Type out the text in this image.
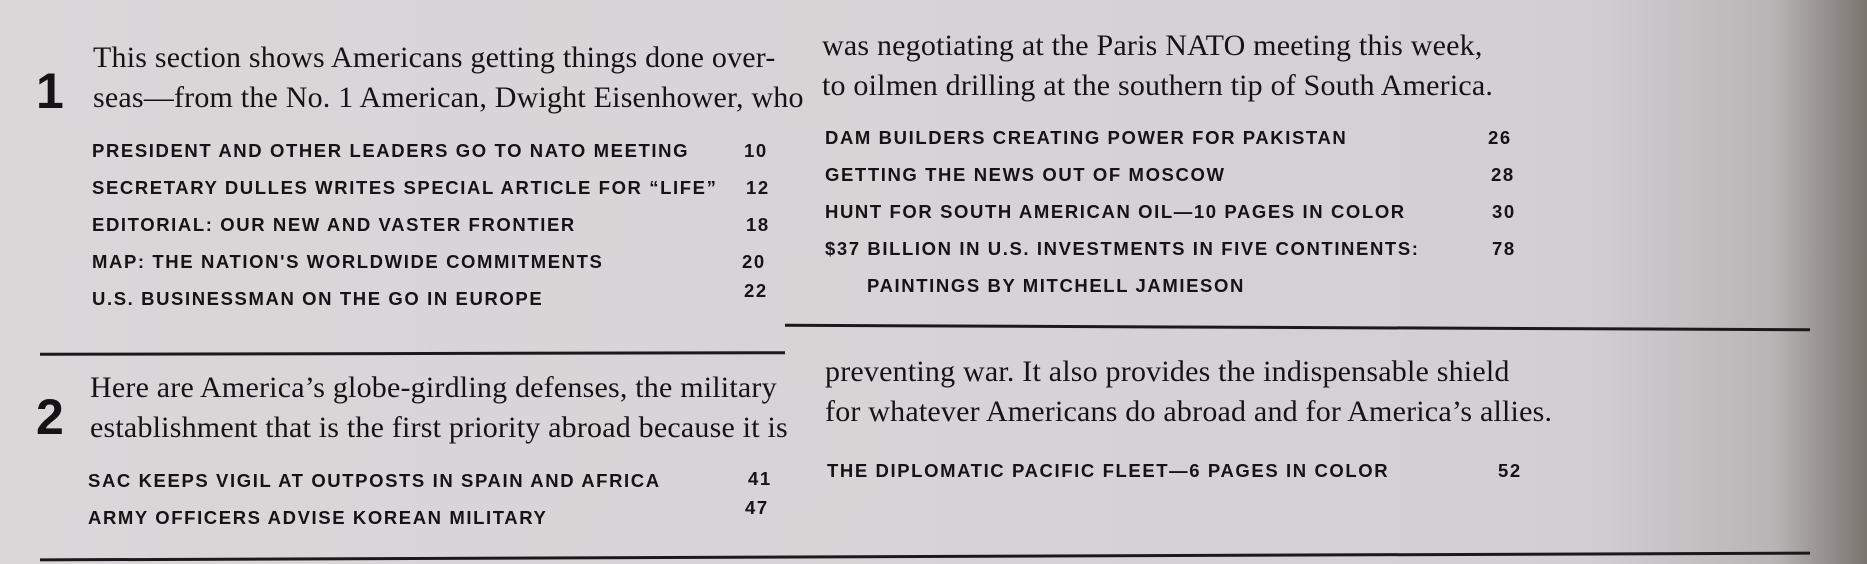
1
This section shows Americans getting things done over-
seas—from the No. 1 American, Dwight Eisenhower, who
was negotiating at the Paris NATO meeting this week,
to oilmen drilling at the southern tip of South America.
PRESIDENT AND OTHER LEADERS GO TO NATO MEETING	10
SECRETARY DULLES WRITES SPECIAL ARTICLE FOR “LIFE” 12
EDITORIAL: OUR NEW AND VASTER FRONTIER	18
MAP: THE NATION'S WORLDWIDE COMMITMENTS	20
U.S. BUSINESSMAN ON THE GO IN EUROPE	22
DAM BUILDERS CREATING POWER FOR PAKISTAN	26
GETTING THE NEWS OUT OF MOSCOW	28
HUNT FOR SOUTH AMERICAN OIL—10 PAGES IN COLOR	30
$37 BILLION IN U.S. INVESTMENTS IN FIVE CONTINENTS:	78
PAINTINGS BY MITCHELL JAMIESON
2
Here are America’s globe-girdling defenses, the military
establishment that is the first priority abroad because it is
preventing war. It also provides the indispensable shield
for whatever Americans do abroad and for America’s allies.
SAC KEEPS VIGIL AT OUTPOSTS IN SPAIN AND AFRICA	41
ARMY OFFICERS ADVISE KOREAN MILITARY	47
THE DIPLOMATIC PACIFIC FLEET—6 PAGES IN COLOR	52
